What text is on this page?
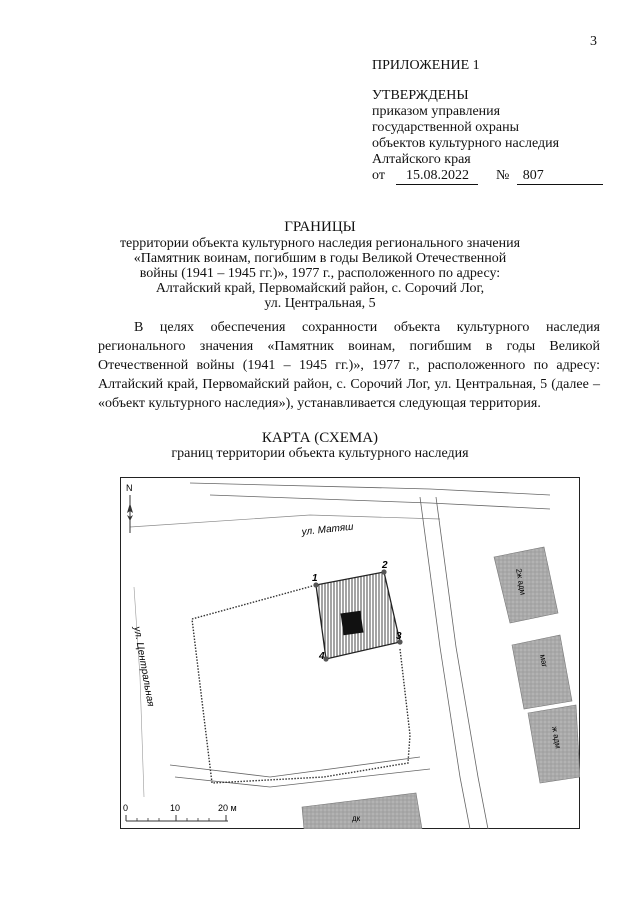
3
ПРИЛОЖЕНИЕ 1
УТВЕРЖДЕНЫ
приказом управления
государственной охраны
объектов культурного наследия
Алтайского края
от 15.08.2022 № 807
ГРАНИЦЫ
территории объекта культурного наследия регионального значения
«Памятник воинам, погибшим в годы Великой Отечественной
войны (1941 – 1945 гг.)», 1977 г., расположенного по адресу:
Алтайский край, Первомайский район, с. Сорочий Лог,
ул. Центральная, 5
В целях обеспечения сохранности объекта культурного наследия регионального значения «Памятник воинам, погибшим в годы Великой Отечественной войны (1941 – 1945 гг.)», 1977 г., расположенного по адресу: Алтайский край, Первомайский район, с. Сорочий Лог, ул. Центральная, 5 (далее – «объект культурного наследия»), устанавливается следующая территория.
КАРТА (СХЕМА)
границ территории объекта культурного наследия
1
2
3
4
2ж адм
маг
ж адм
дк
ул. Матяш
ул. Центральная
N
0	10	20 м
